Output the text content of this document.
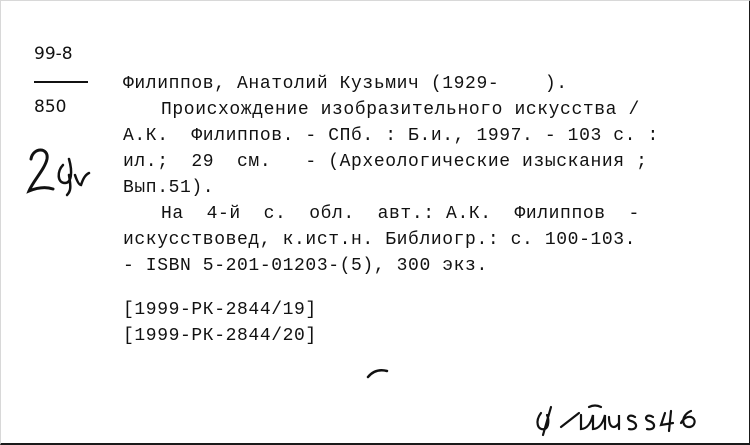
99-8
850
Филиппов, Анатолий Кузьмич (1929-    ).
Происхождение изобразительного искусства /
А.К.  Филиппов. - СПб. : Б.и., 1997. - 103 с. :
ил.;  29  см.   - (Археологические изыскания ;
Вып.51).
На  4-й  с.  обл.  авт.: А.К.  Филиппов  -
искусствовед, к.ист.н. Библиогр.: с. 100-103.
- ISBN 5-201-01203-(5), 300 экз.
[1999-РК-2844/19]
[1999-РК-2844/20]
